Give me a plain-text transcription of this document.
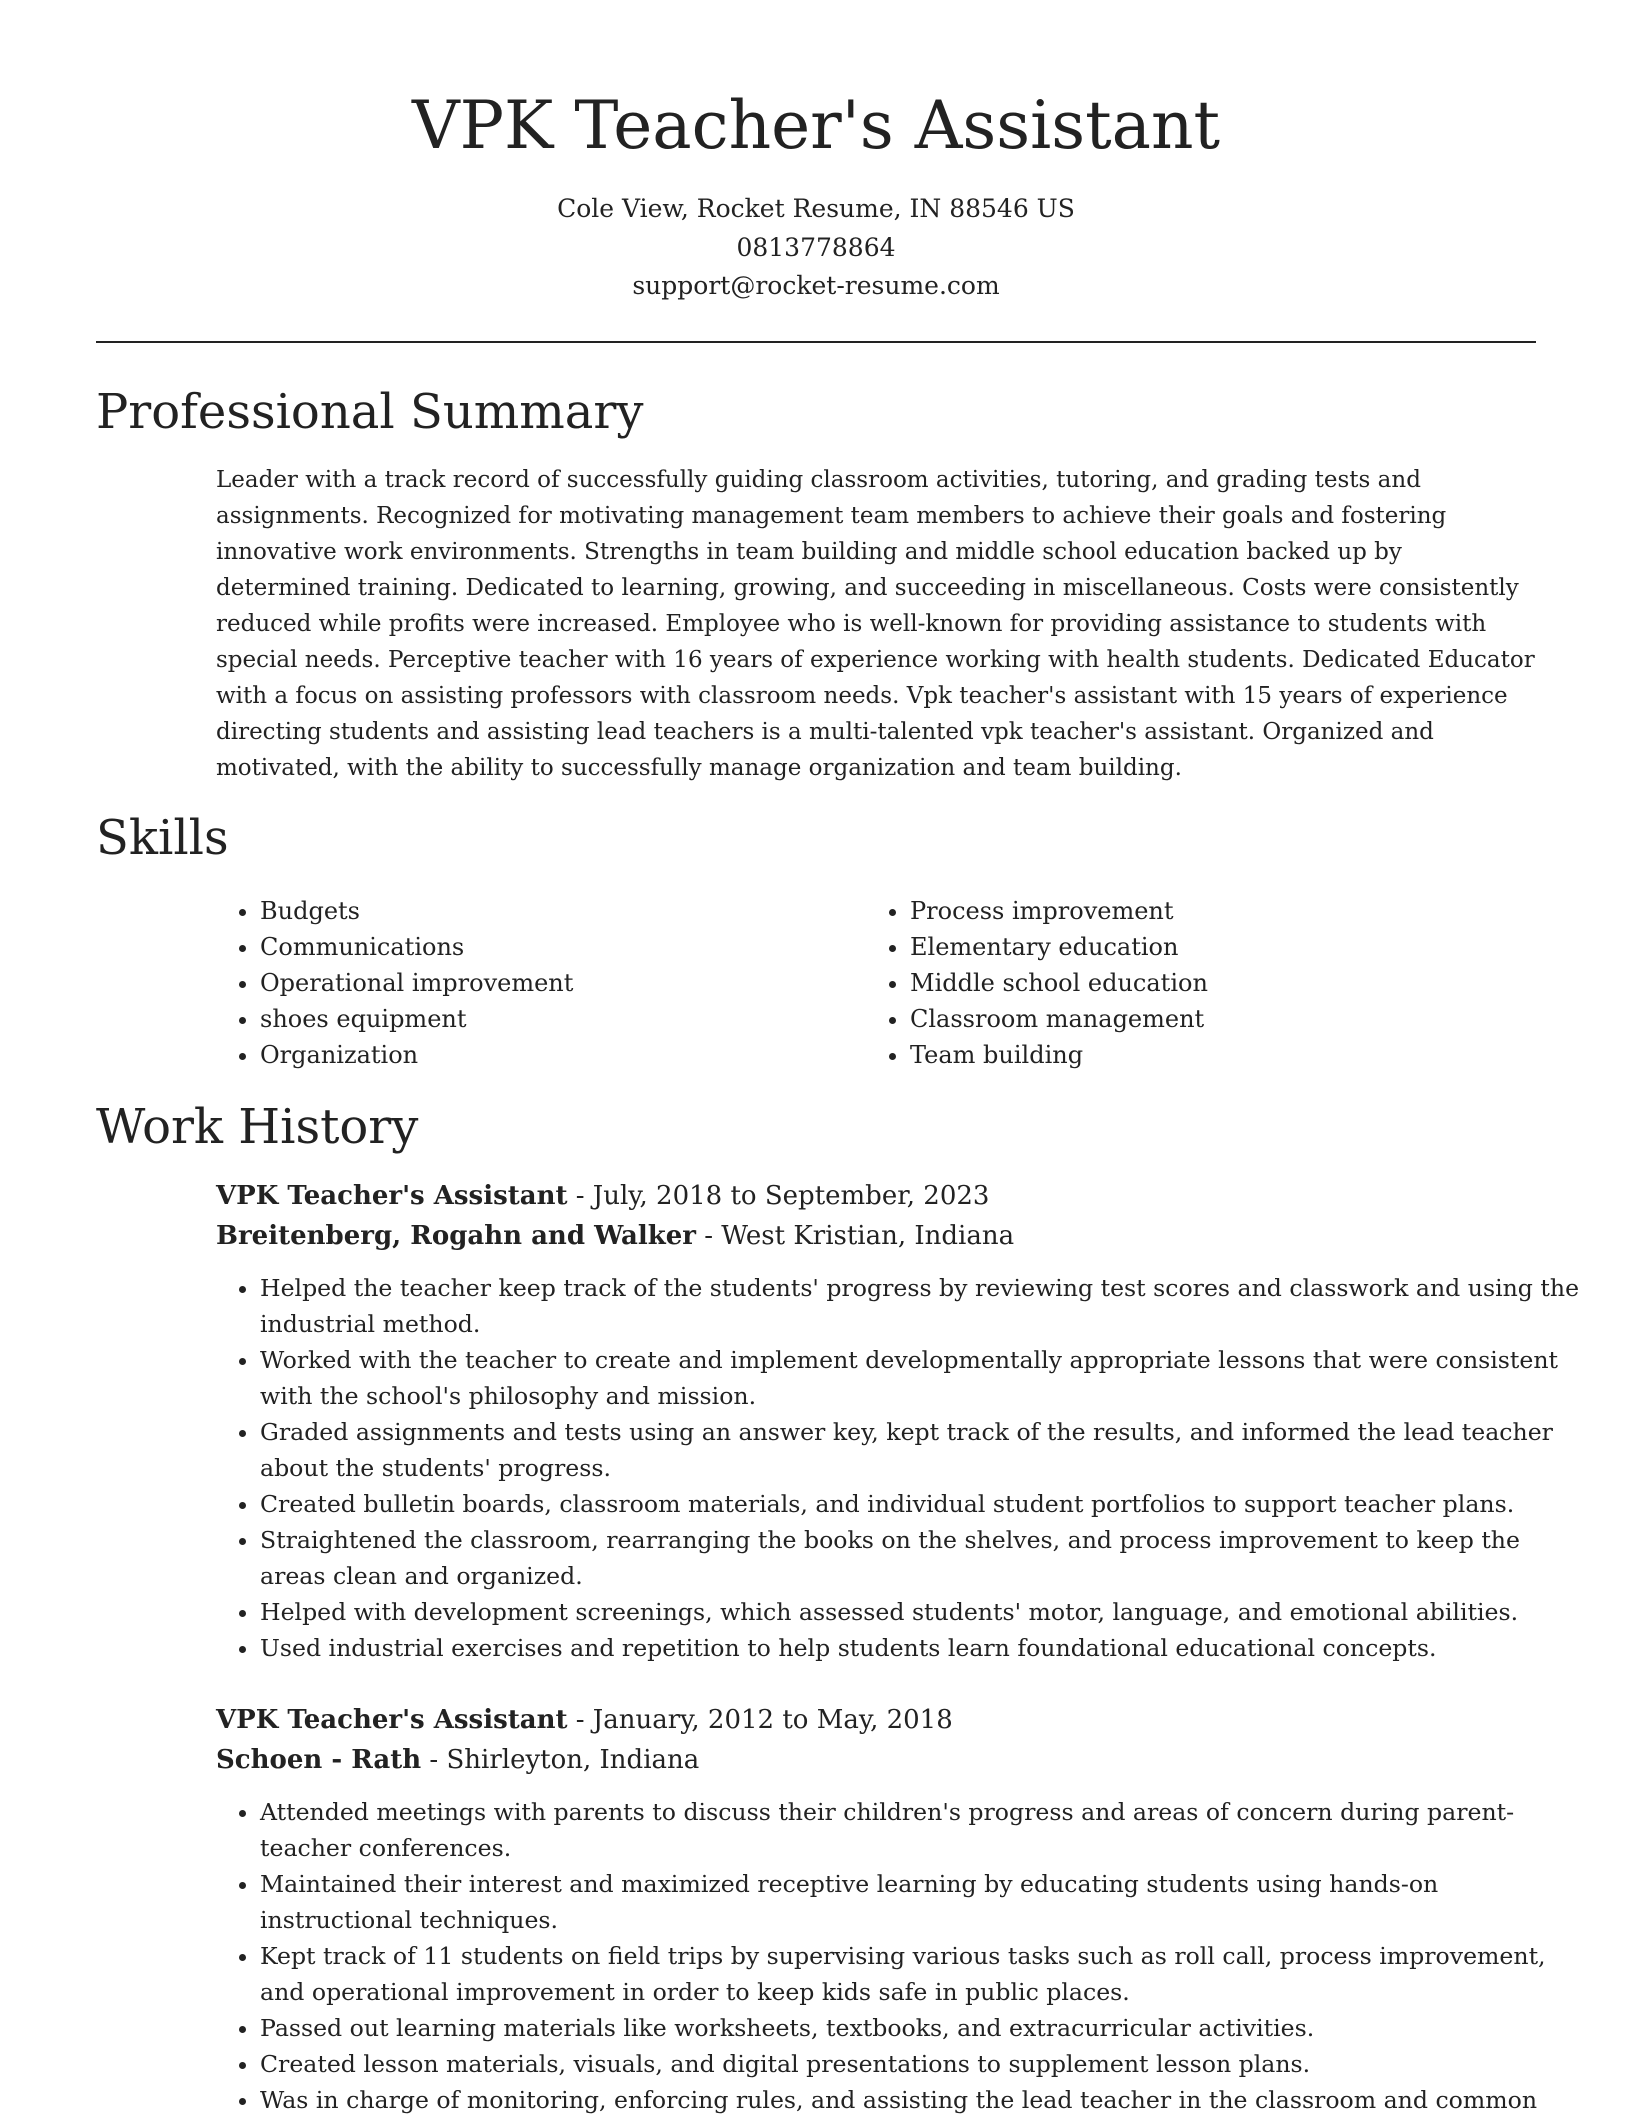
VPK Teacher's Assistant
Cole View, Rocket Resume, IN 88546 US
0813778864
support@rocket-resume.com
Professional Summary

Leader with a track record of successfully guiding classroom activities, tutoring, and grading tests and assignments. Recognized for motivating management team members to achieve their goals and fostering innovative work environments. Strengths in team building and middle school education backed up by determined training. Dedicated to learning, growing, and succeeding in miscellaneous. Costs were consistently reduced while profits were increased. Employee who is well-known for providing assistance to students with special needs. Perceptive teacher with 16 years of experience working with health students. Dedicated Educator with a focus on assisting professors with classroom needs. Vpk teacher's assistant with 15 years of experience directing students and assisting lead teachers is a multi-talented vpk teacher's assistant. Organized and motivated, with the ability to successfully manage organization and team building.

Skills
• Budgets
• Communications
• Operational improvement
• shoes equipment
• Organization
• Process improvement
• Elementary education
• Middle school education
• Classroom management
• Team building
Work History
VPK Teacher's Assistant - July, 2018 to September, 2023
Breitenberg, Rogahn and Walker - West Kristian, Indiana
• Helped the teacher keep track of the students' progress by reviewing test scores and classwork and using the industrial method.
• Worked with the teacher to create and implement developmentally appropriate lessons that were consistent with the school's philosophy and mission.
• Graded assignments and tests using an answer key, kept track of the results, and informed the lead teacher about the students' progress.
• Created bulletin boards, classroom materials, and individual student portfolios to support teacher plans.
• Straightened the classroom, rearranging the books on the shelves, and process improvement to keep the areas clean and organized.
• Helped with development screenings, which assessed students' motor, language, and emotional abilities.
• Used industrial exercises and repetition to help students learn foundational educational concepts.
VPK Teacher's Assistant - January, 2012 to May, 2018
Schoen - Rath - Shirleyton, Indiana
• Attended meetings with parents to discuss their children's progress and areas of concern during parent-teacher conferences.
• Maintained their interest and maximized receptive learning by educating students using hands-on instructional techniques.
• Kept track of 11 students on field trips by supervising various tasks such as roll call, process improvement, and operational improvement in order to keep kids safe in public places.
• Passed out learning materials like worksheets, textbooks, and extracurricular activities.
• Created lesson materials, visuals, and digital presentations to supplement lesson plans.
• Was in charge of monitoring, enforcing rules, and assisting the lead teacher in the classroom and common
